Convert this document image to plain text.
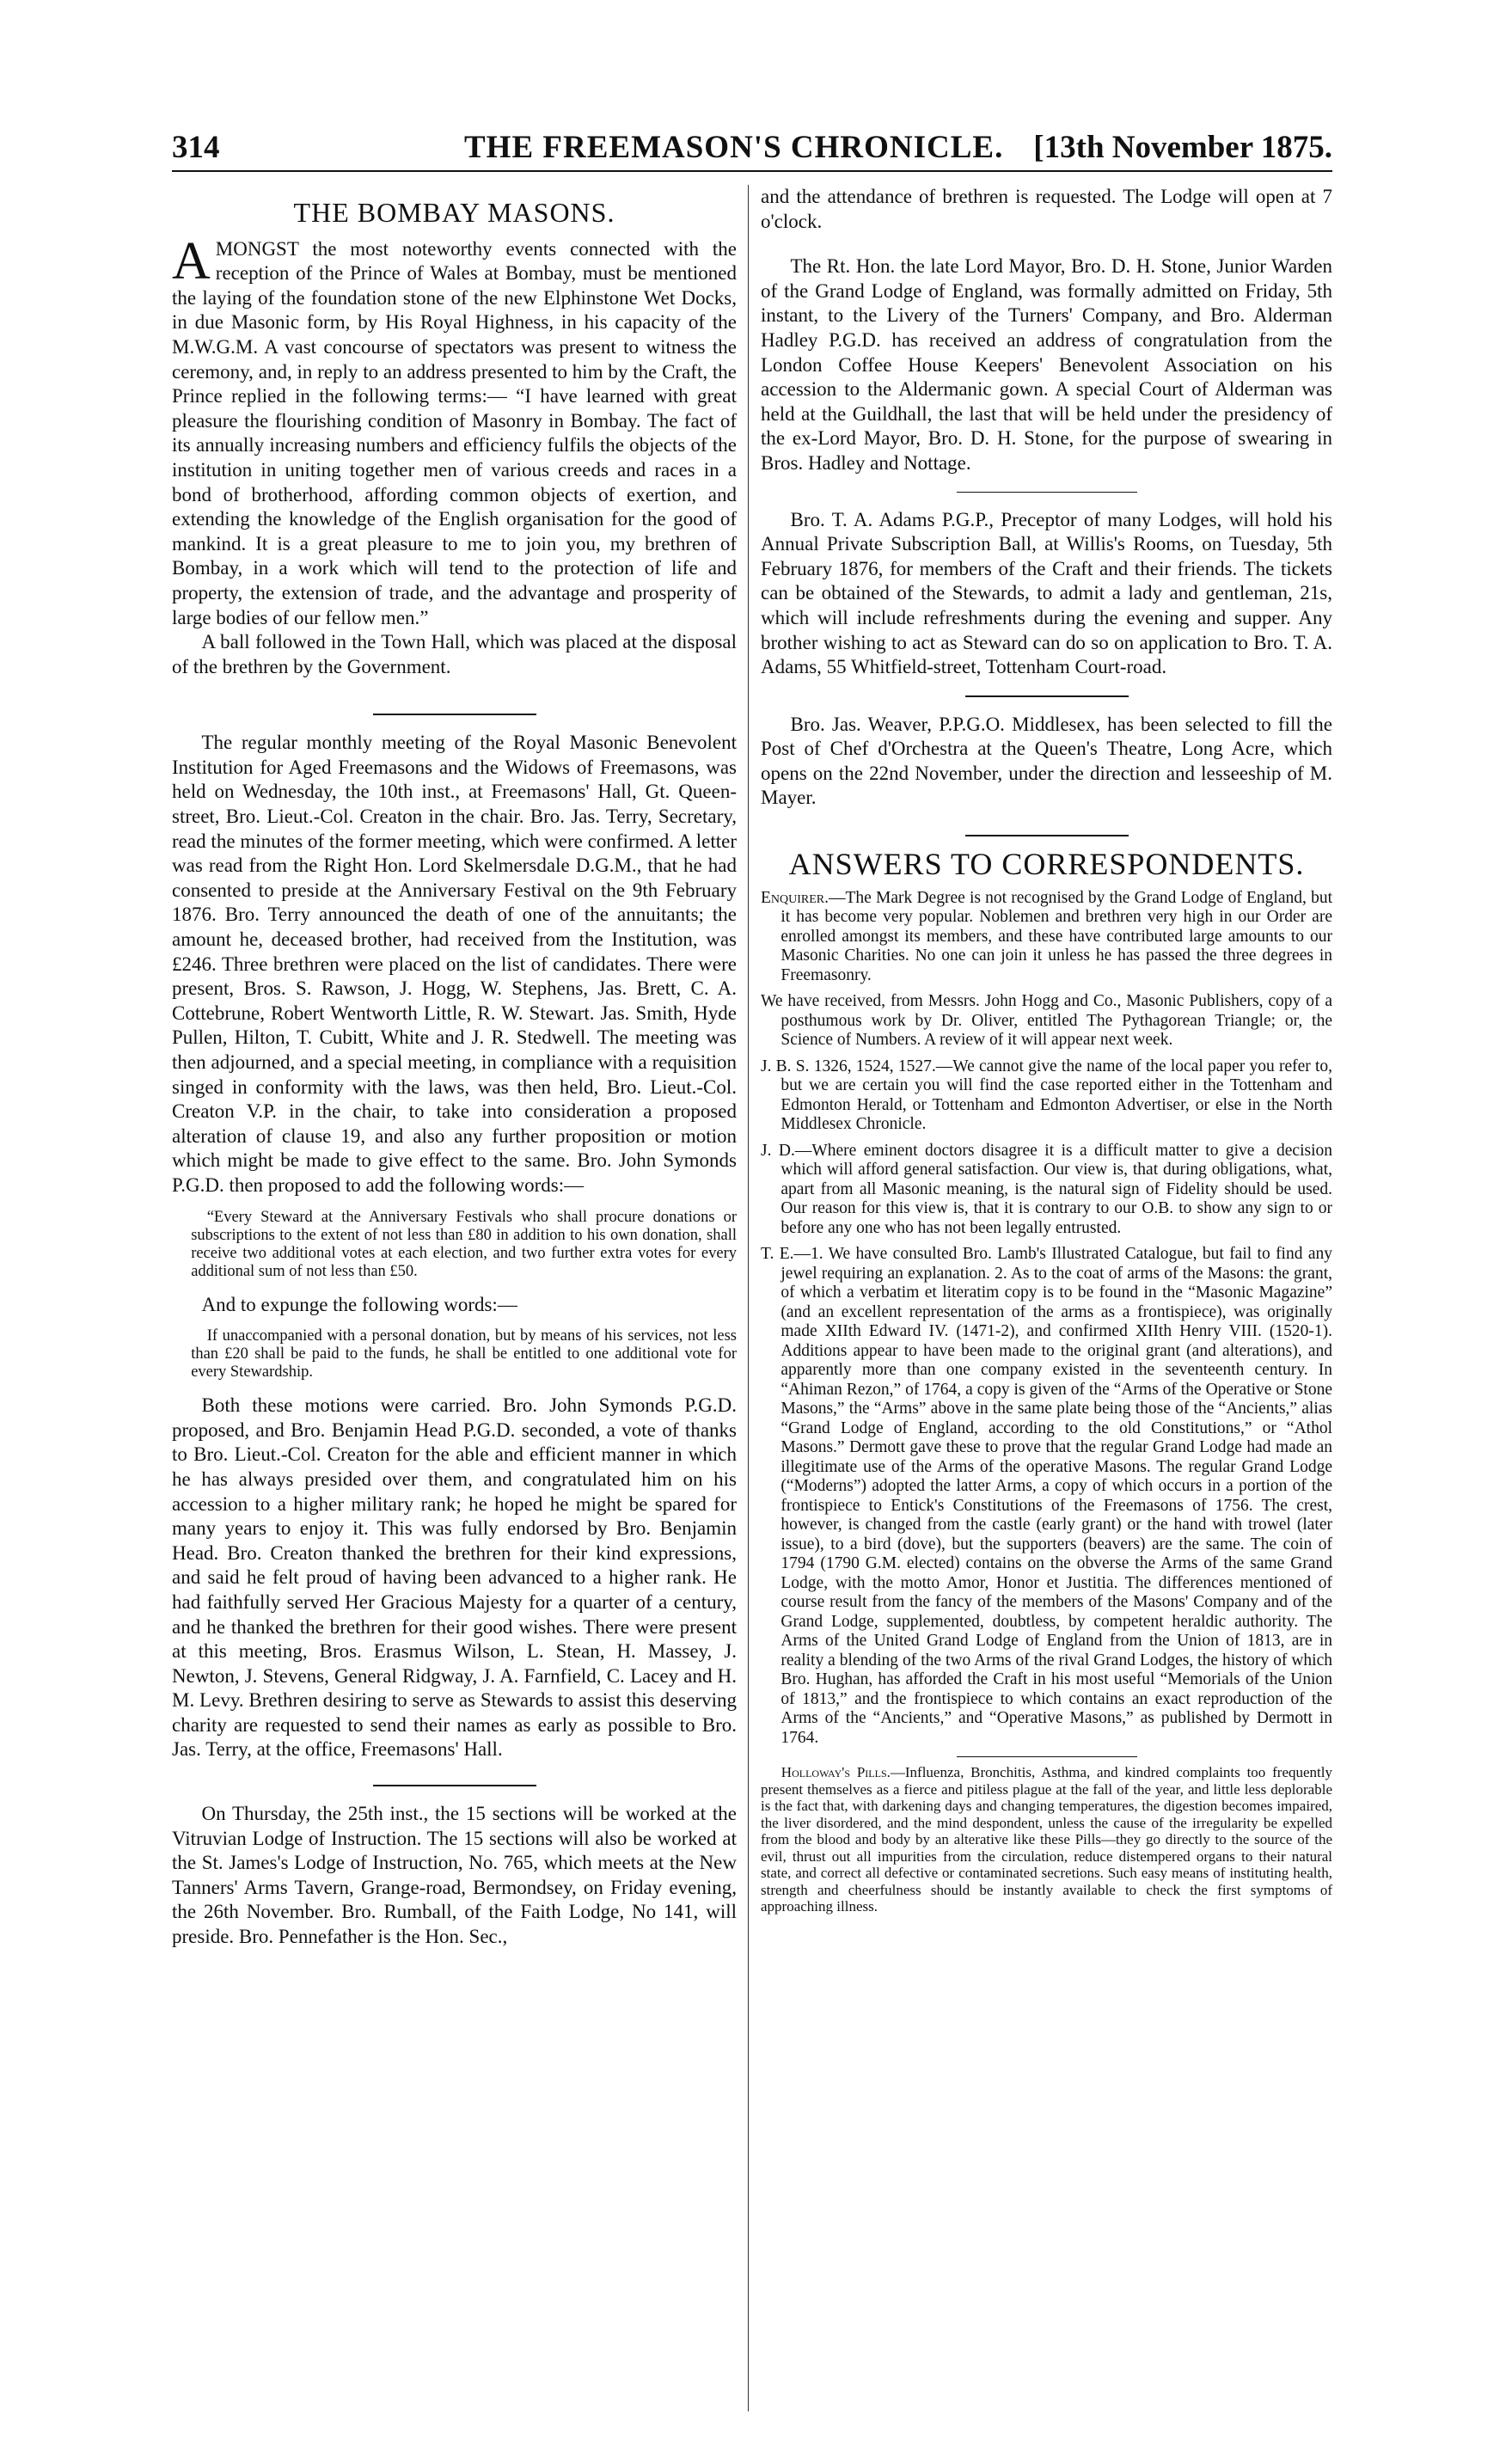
314	THE FREEMASON'S CHRONICLE. [13th November 1875.
THE BOMBAY MASONS.

AMONGST the most noteworthy events connected with the reception of the Prince of Wales at Bombay, must be mentioned the laying of the foundation stone of the new Elphinstone Wet Docks, in due Masonic form, by His Royal Highness, in his capacity of the M.W.G.M. A vast concourse of spectators was present to witness the ceremony, and, in reply to an address presented to him by the Craft, the Prince replied in the following terms:— “I have learned with great pleasure the flourishing condition of Masonry in Bombay. The fact of its annually increasing numbers and efficiency fulfils the objects of the institution in uniting together men of various creeds and races in a bond of brotherhood, affording common objects of exertion, and extending the knowledge of the English organisation for the good of mankind. It is a great pleasure to me to join you, my brethren of Bombay, in a work which will tend to the protection of life and property, the extension of trade, and the advantage and prosperity of large bodies of our fellow men.”

A ball followed in the Town Hall, which was placed at the disposal of the brethren by the Government.

The regular monthly meeting of the Royal Masonic Benevolent Institution for Aged Freemasons and the Widows of Freemasons, was held on Wednesday, the 10th inst., at Freemasons' Hall, Gt. Queen-street, Bro. Lieut.-Col. Creaton in the chair. Bro. Jas. Terry, Secretary, read the minutes of the former meeting, which were confirmed. A letter was read from the Right Hon. Lord Skelmersdale D.G.M., that he had consented to preside at the Anniversary Festival on the 9th February 1876. Bro. Terry announced the death of one of the annuitants; the amount he, deceased brother, had received from the Institution, was £246. Three brethren were placed on the list of candidates. There were present, Bros. S. Rawson, J. Hogg, W. Stephens, Jas. Brett, C. A. Cottebrune, Robert Wentworth Little, R. W. Stewart. Jas. Smith, Hyde Pullen, Hilton, T. Cubitt, White and J. R. Stedwell. The meeting was then adjourned, and a special meeting, in compliance with a requisition singed in conformity with the laws, was then held, Bro. Lieut.-Col. Creaton V.P. in the chair, to take into consideration a proposed alteration of clause 19, and also any further proposition or motion which might be made to give effect to the same. Bro. John Symonds P.G.D. then proposed to add the following words:—

“Every Steward at the Anniversary Festivals who shall procure donations or subscriptions to the extent of not less than £80 in addition to his own donation, shall receive two additional votes at each election, and two further extra votes for every additional sum of not less than £50.

And to expunge the following words:—

If unaccompanied with a personal donation, but by means of his services, not less than £20 shall be paid to the funds, he shall be entitled to one additional vote for every Stewardship.

Both these motions were carried. Bro. John Symonds P.G.D. proposed, and Bro. Benjamin Head P.G.D. seconded, a vote of thanks to Bro. Lieut.-Col. Creaton for the able and efficient manner in which he has always presided over them, and congratulated him on his accession to a higher military rank; he hoped he might be spared for many years to enjoy it. This was fully endorsed by Bro. Benjamin Head. Bro. Creaton thanked the brethren for their kind expressions, and said he felt proud of having been advanced to a higher rank. He had faithfully served Her Gracious Majesty for a quarter of a century, and he thanked the brethren for their good wishes. There were present at this meeting, Bros. Erasmus Wilson, L. Stean, H. Massey, J. Newton, J. Stevens, General Ridgway, J. A. Farnfield, C. Lacey and H. M. Levy. Brethren desiring to serve as Stewards to assist this deserving charity are requested to send their names as early as possible to Bro. Jas. Terry, at the office, Freemasons' Hall.

On Thursday, the 25th inst., the 15 sections will be worked at the Vitruvian Lodge of Instruction. The 15 sections will also be worked at the St. James's Lodge of Instruction, No. 765, which meets at the New Tanners' Arms Tavern, Grange-road, Bermondsey, on Friday evening, the 26th November. Bro. Rumball, of the Faith Lodge, No 141, will preside. Bro. Pennefather is the Hon. Sec.,

and the attendance of brethren is requested. The Lodge will open at 7 o'clock.

The Rt. Hon. the late Lord Mayor, Bro. D. H. Stone, Junior Warden of the Grand Lodge of England, was formally admitted on Friday, 5th instant, to the Livery of the Turners' Company, and Bro. Alderman Hadley P.G.D. has received an address of congratulation from the London Coffee House Keepers' Benevolent Association on his accession to the Aldermanic gown. A special Court of Alderman was held at the Guildhall, the last that will be held under the presidency of the ex-Lord Mayor, Bro. D. H. Stone, for the purpose of swearing in Bros. Hadley and Nottage.

Bro. T. A. Adams P.G.P., Preceptor of many Lodges, will hold his Annual Private Subscription Ball, at Willis's Rooms, on Tuesday, 5th February 1876, for members of the Craft and their friends. The tickets can be obtained of the Stewards, to admit a lady and gentleman, 21s, which will include refreshments during the evening and supper. Any brother wishing to act as Steward can do so on application to Bro. T. A. Adams, 55 Whitfield-street, Tottenham Court-road.

Bro. Jas. Weaver, P.P.G.O. Middlesex, has been selected to fill the Post of Chef d'Orchestra at the Queen's Theatre, Long Acre, which opens on the 22nd November, under the direction and lesseeship of M. Mayer.

ANSWERS TO CORRESPONDENTS.
Enquirer.—The Mark Degree is not recognised by the Grand Lodge of England, but it has become very popular. Noblemen and brethren very high in our Order are enrolled amongst its members, and these have contributed large amounts to our Masonic Charities. No one can join it unless he has passed the three degrees in Freemasonry.
We have received, from Messrs. John Hogg and Co., Masonic Publishers, copy of a posthumous work by Dr. Oliver, entitled The Pythagorean Triangle; or, the Science of Numbers. A review of it will appear next week.
J. B. S. 1326, 1524, 1527.—We cannot give the name of the local paper you refer to, but we are certain you will find the case reported either in the Tottenham and Edmonton Herald, or Tottenham and Edmonton Advertiser, or else in the North Middlesex Chronicle.
J. D.—Where eminent doctors disagree it is a difficult matter to give a decision which will afford general satisfaction. Our view is, that during obligations, what, apart from all Masonic meaning, is the natural sign of Fidelity should be used. Our reason for this view is, that it is contrary to our O.B. to show any sign to or before any one who has not been legally entrusted.
T. E.—1. We have consulted Bro. Lamb's Illustrated Catalogue, but fail to find any jewel requiring an explanation. 2. As to the coat of arms of the Masons: the grant, of which a verbatim et literatim copy is to be found in the “Masonic Magazine” (and an excellent representation of the arms as a frontispiece), was originally made XIIth Edward IV. (1471-2), and confirmed XIIth Henry VIII. (1520-1). Additions appear to have been made to the original grant (and alterations), and apparently more than one company existed in the seventeenth century. In “Ahiman Rezon,” of 1764, a copy is given of the “Arms of the Operative or Stone Masons,” the “Arms” above in the same plate being those of the “Ancients,” alias “Grand Lodge of England, according to the old Constitutions,” or “Athol Masons.” Dermott gave these to prove that the regular Grand Lodge had made an illegitimate use of the Arms of the operative Masons. The regular Grand Lodge (“Moderns”) adopted the latter Arms, a copy of which occurs in a portion of the frontispiece to Entick's Constitutions of the Freemasons of 1756. The crest, however, is changed from the castle (early grant) or the hand with trowel (later issue), to a bird (dove), but the supporters (beavers) are the same. The coin of 1794 (1790 G.M. elected) contains on the obverse the Arms of the same Grand Lodge, with the motto Amor, Honor et Justitia. The differences mentioned of course result from the fancy of the members of the Masons' Company and of the Grand Lodge, supplemented, doubtless, by competent heraldic authority. The Arms of the United Grand Lodge of England from the Union of 1813, are in reality a blending of the two Arms of the rival Grand Lodges, the history of which Bro. Hughan, has afforded the Craft in his most useful “Memorials of the Union of 1813,” and the frontispiece to which contains an exact reproduction of the Arms of the “Ancients,” and “Operative Masons,” as published by Dermott in 1764.
Holloway's Pills.—Influenza, Bronchitis, Asthma, and kindred complaints too frequently present themselves as a fierce and pitiless plague at the fall of the year, and little less deplorable is the fact that, with darkening days and changing temperatures, the digestion becomes impaired, the liver disordered, and the mind despondent, unless the cause of the irregularity be expelled from the blood and body by an alterative like these Pills—they go directly to the source of the evil, thrust out all impurities from the circulation, reduce distempered organs to their natural state, and correct all defective or contaminated secretions. Such easy means of instituting health, strength and cheerfulness should be instantly available to check the first symptoms of approaching illness.
